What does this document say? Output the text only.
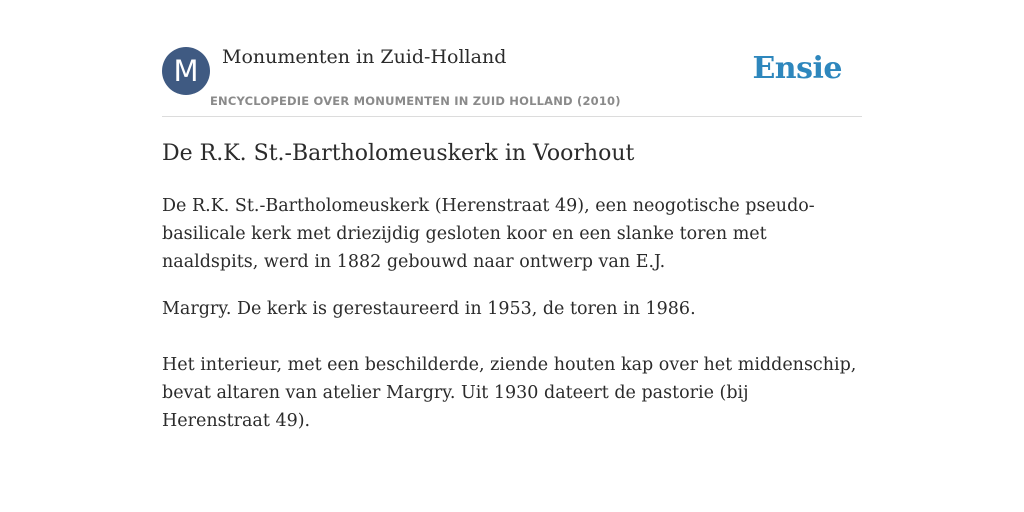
M	Monumenten in Zuid-Holland
ENCYCLOPEDIE OVER MONUMENTEN IN ZUID HOLLAND (2010)
Ensie
De R.K. St.-Bartholomeuskerk in Voorhout

De R.K. St.-Bartholomeuskerk (Herenstraat 49), een neogotische pseudo-basilicale kerk met driezijdig gesloten koor en een slanke toren met naaldspits, werd in 1882 gebouwd naar ontwerp van E.J.

Margry. De kerk is gerestaureerd in 1953, de toren in 1986.

Het interieur, met een beschilderde, ziende houten kap over het middenschip, bevat altaren van atelier Margry. Uit 1930 dateert de pastorie (bij Herenstraat 49).
